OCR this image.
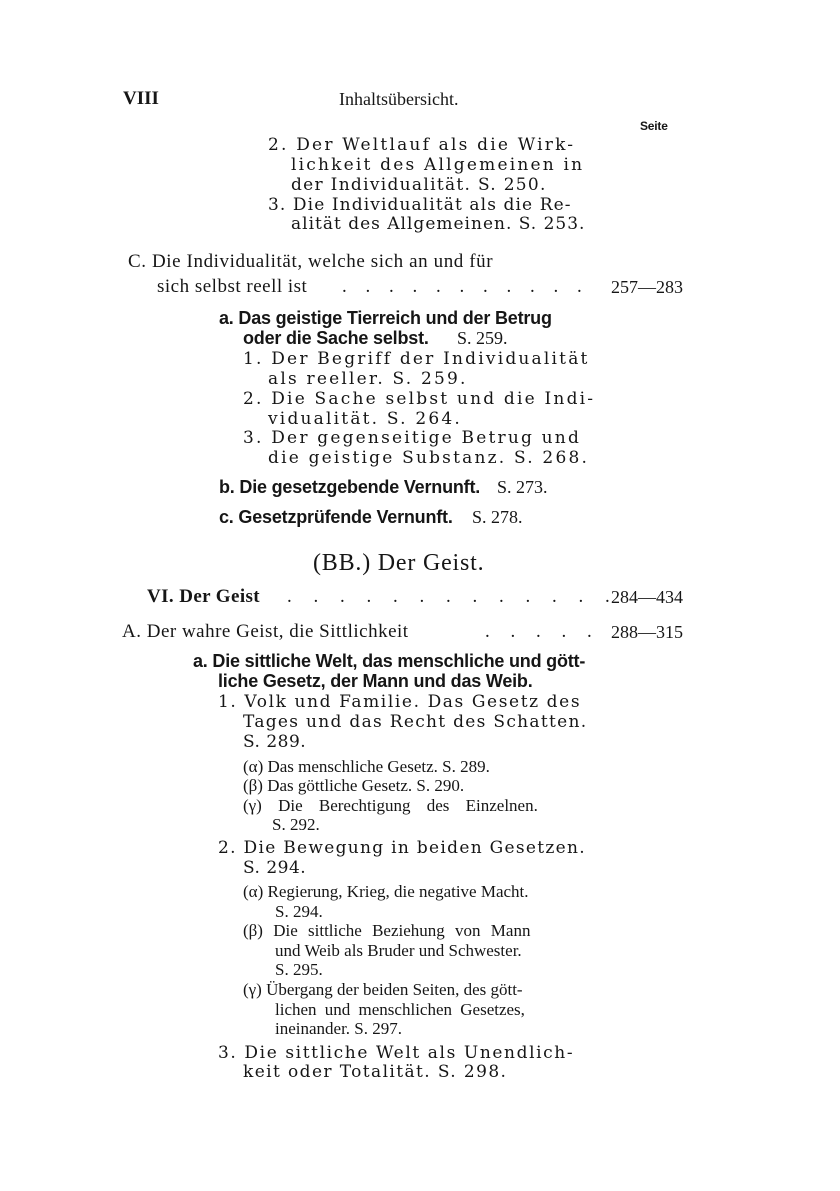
VIII	Inhaltsübersicht.
Seite
2. Der Weltlauf als die Wirk-
lichkeit des Allgemeinen in
der Individualität. S. 250.
3. Die Individualität als die Re-
alität des Allgemeinen. S. 253.
C. Die Individualität, welche sich an und für
sich selbst reell ist . . . . . . . . . . . 257—283
a. Das geistige Tierreich und der Betrug
oder die Sache selbst. S. 259.
1. Der Begriff der Individualität
als reeller. S. 259.
2. Die Sache selbst und die Indi-
vidualität. S. 264.
3. Der gegenseitige Betrug und
die geistige Substanz. S. 268.
b. Die gesetzgebende Vernunft. S. 273.
c. Gesetzprüfende Vernunft. S. 278.
(BB.) Der Geist.
VI. Der Geist . . . . . . . . . . . . .
284—434
A. Der wahre Geist, die Sittlichkeit	. . . . . 288—315
a. Die sittliche Welt, das menschliche und gött-
liche Gesetz, der Mann und das Weib.
1. Volk und Familie. Das Gesetz des
Tages und das Recht des Schatten.
S. 289.
(α) Das menschliche Gesetz. S. 289.
(β) Das göttliche Gesetz. S. 290.
(γ) Die Berechtigung des Einzelnen.
S. 292.
2. Die Bewegung in beiden Gesetzen.
S. 294.
(α) Regierung, Krieg, die negative Macht.
S. 294.
(β) Die sittliche Beziehung von Mann
und Weib als Bruder und Schwester.
S. 295.
(γ) Übergang der beiden Seiten, des gött-
lichen und menschlichen Gesetzes,
ineinander. S. 297.
3. Die sittliche Welt als Unendlich-
keit oder Totalität. S. 298.
